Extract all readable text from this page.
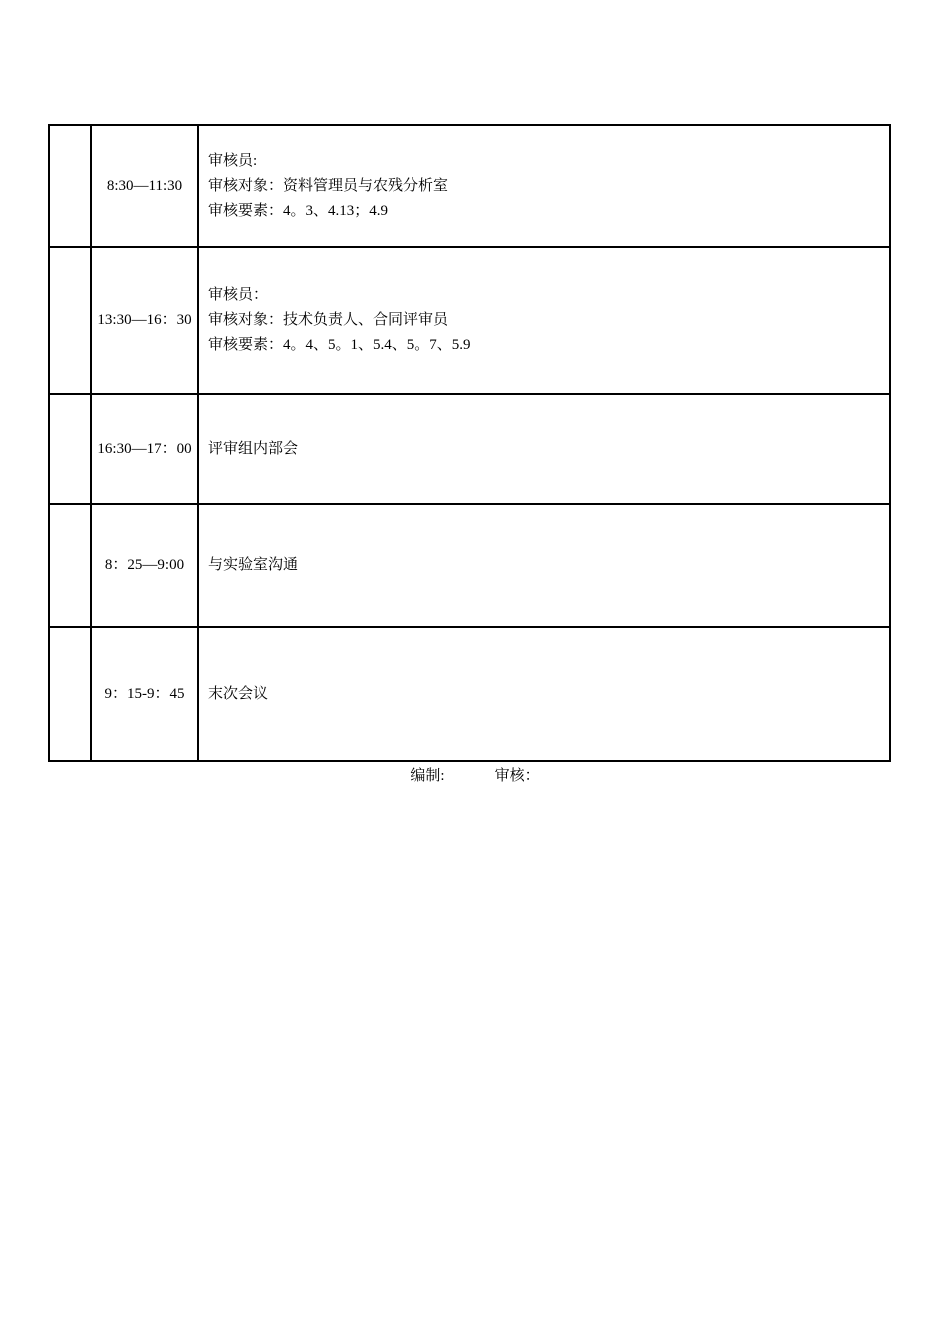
	8:30—11:30	审核员:
审核对象：资料管理员与农残分析室
审核要素：4。3、4.13；4.9

	13:30—16：30	审核员：
审核对象：技术负责人、合同评审员
审核要素：4。4、5。1、5.4、5。7、5.9

	16:30—17：00	评审组内部会

	8：25—9:00	与实验室沟通

	9：15-9：45	末次会议
编制:	审核：
